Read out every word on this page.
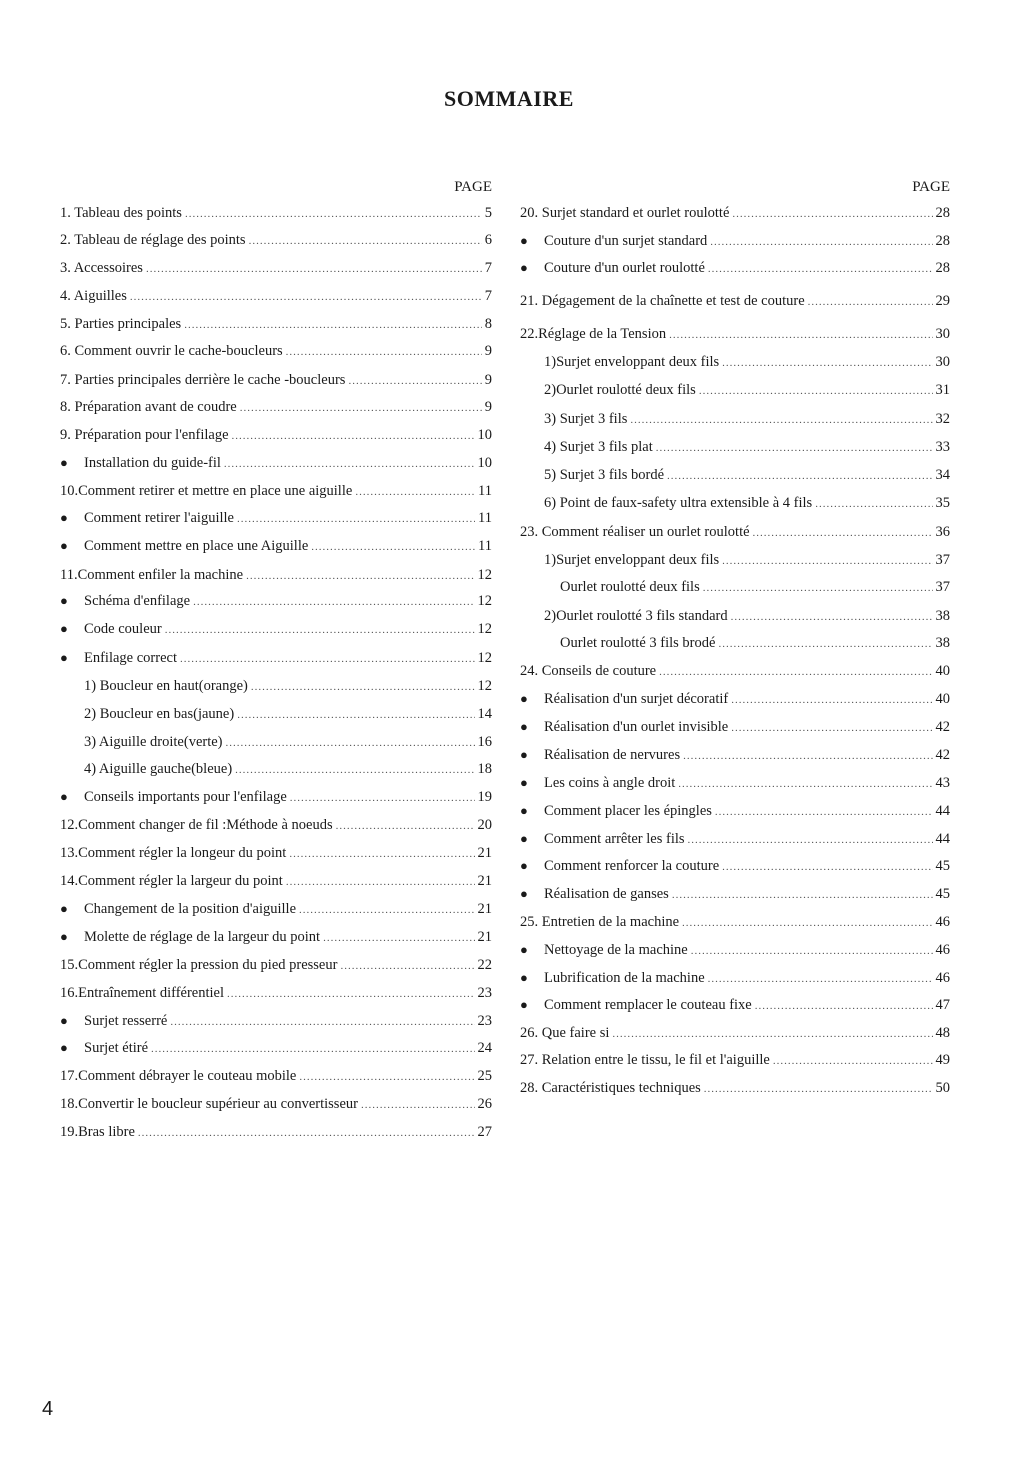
SOMMAIRE
PAGE
1. Tableau des points .....	5
2. Tableau de réglage des points .....	6
3. Accessoires .....	7
4. Aiguilles .....	7
5. Parties principales .....	8
6. Comment ouvrir le cache-boucleurs .....	9
7. Parties principales derrière le cache -boucleurs .....	9
8. Préparation avant de coudre .....	9
9. Préparation pour l'enfilage .....	10
● Installation du guide-fil .....	10
10.Comment retirer et mettre en place une aiguille .....	11
● Comment retirer l'aiguille .....	11
● Comment mettre en place une Aiguille .....	11
11.Comment enfiler la machine .....	12
● Schéma d'enfilage .....	12
● Code couleur .....	12
● Enfilage correct .....	12
1) Boucleur en haut(orange) .....	12
2) Boucleur en bas(jaune) .....	14
3) Aiguille droite(verte) .....	16
4) Aiguille gauche(bleue) .....	18
● Conseils importants pour l'enfilage .....	19
12.Comment changer de fil :Méthode à noeuds .....	20
13.Comment régler la longeur du point .....	21
14.Comment régler la largeur du point .....	21
● Changement de la position d'aiguille .....	21
● Molette de réglage de la largeur du point .....	21
15.Comment régler la pression du pied presseur .....	22
16.Entraînement différentiel .....	23
● Surjet resserré .....	23
● Surjet étiré .....	24
17.Comment débrayer le couteau mobile .....	25
18.Convertir le boucleur supérieur au convertisseur .....	26
19.Bras libre .....	27
PAGE
20. Surjet standard et ourlet roulotté .....	28
● Couture d'un surjet standard .....	28
● Couture d'un ourlet roulotté .....	28
21. Dégagement de la chaînette et test de couture .....	29
22.Réglage de la Tension .....	30
1)Surjet enveloppant deux fils .....	30
2)Ourlet roulotté deux fils .....	31
3) Surjet 3 fils .....	32
4) Surjet 3 fils plat .....	33
5) Surjet 3 fils bordé .....	34
6) Point de faux-safety ultra extensible à 4 fils .....	35
23. Comment réaliser un ourlet roulotté .....	36
1)Surjet enveloppant deux fils .....	37
Ourlet roulotté deux fils .....	37
2)Ourlet roulotté 3 fils standard .....	38
Ourlet roulotté 3 fils brodé .....	38
24. Conseils de couture .....	40
● Réalisation d'un surjet décoratif .....	40
● Réalisation d'un ourlet invisible .....	42
● Réalisation de nervures .....	42
● Les coins à angle droit .....	43
● Comment placer les épingles .....	44
● Comment arrêter les fils .....	44
● Comment renforcer la couture .....	45
● Réalisation de ganses .....	45
25. Entretien de la machine .....	46
● Nettoyage de la machine .....	46
● Lubrification de la machine .....	46
● Comment remplacer le couteau fixe .....	47
26. Que faire si .....	48
27. Relation entre le tissu, le fil et l'aiguille .....	49
28. Caractéristiques techniques .....	50
4
